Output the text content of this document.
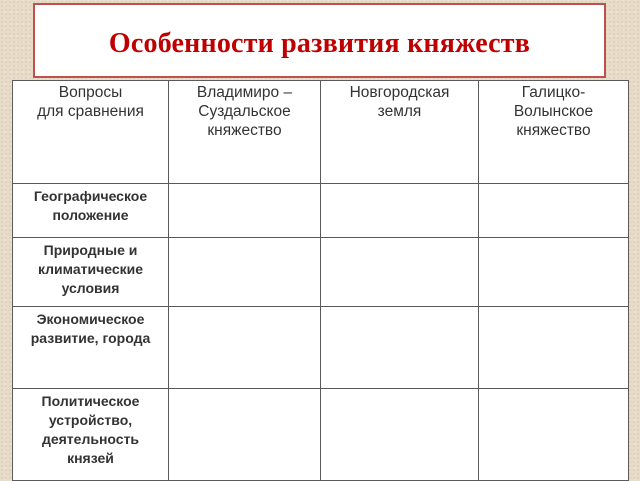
Особенности развития княжеств
Вопросы
для сравнения	Владимиро –
Суздальское
княжество	Новгородская
земля	Галицко-
Волынское
княжество
Географическое
положение			
Природные и
климатические
условия			
Экономическое
развитие, города			
Политическое
устройство,
деятельность
князей			
